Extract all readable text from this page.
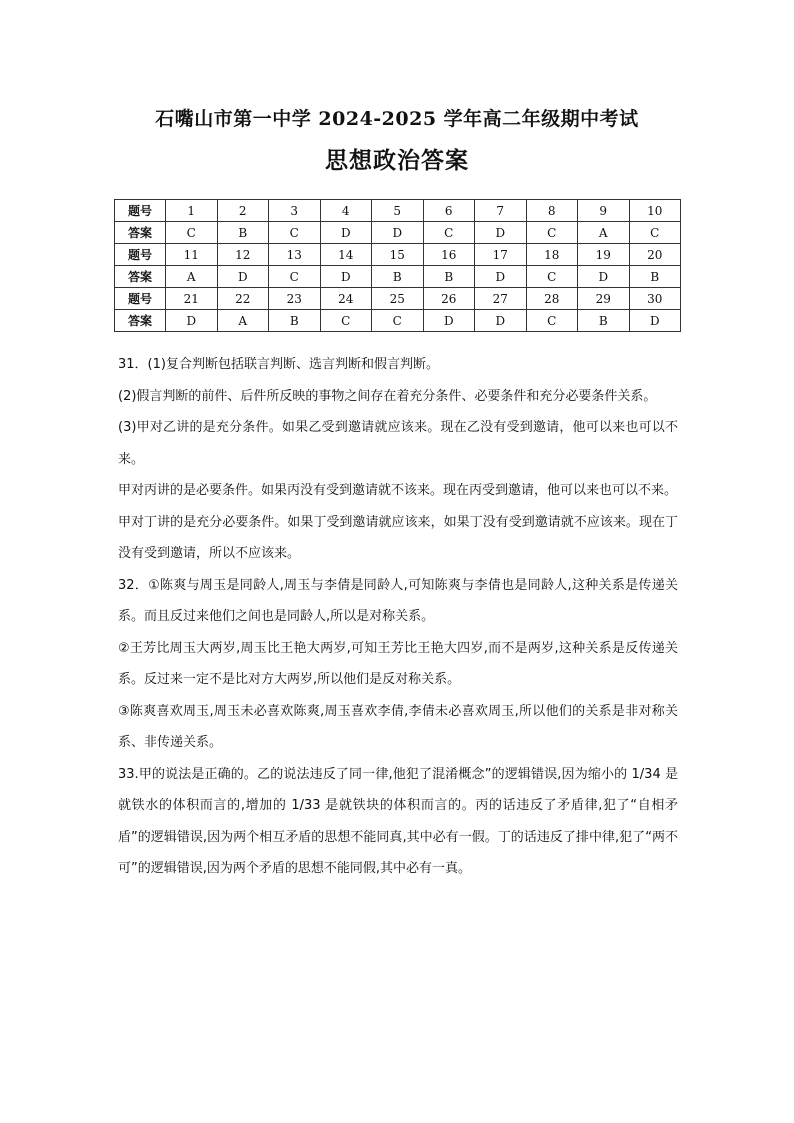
石嘴山市第一中学 2024-2025 学年高二年级期中考试
思想政治答案
题号	1	2	3	4	5	6	7	8	9	10
答案	C	B	C	D	D	C	D	C	A	C
题号	11	12	13	14	15	16	17	18	19	20
答案	A	D	C	D	B	B	D	C	D	B
题号	21	22	23	24	25	26	27	28	29	30
答案	D	A	B	C	C	D	D	C	B	D

31．(1)复合判断包括联言判断、选言判断和假言判断。

(2)假言判断的前件、后件所反映的事物之间存在着充分条件、必要条件和充分必要条件关系。

(3)甲对乙讲的是充分条件。如果乙受到邀请就应该来。现在乙没有受到邀请，他可以来也可以不来。

甲对丙讲的是必要条件。如果丙没有受到邀请就不该来。现在丙受到邀请，他可以来也可以不来。

甲对丁讲的是充分必要条件。如果丁受到邀请就应该来，如果丁没有受到邀请就不应该来。现在丁没有受到邀请，所以不应该来。

32．①陈爽与周玉是同龄人,周玉与李倩是同龄人,可知陈爽与李倩也是同龄人,这种关系是传递关系。而且反过来他们之间也是同龄人,所以是对称关系。

②王芳比周玉大两岁,周玉比王艳大两岁,可知王芳比王艳大四岁,而不是两岁,这种关系是反传递关系。反过来一定不是比对方大两岁,所以他们是反对称关系。

③陈爽喜欢周玉,周玉未必喜欢陈爽,周玉喜欢李倩,李倩未必喜欢周玉,所以他们的关系是非对称关系、非传递关系。

33.甲的说法是正确的。乙的说法违反了同一律,他犯了混淆概念”的逻辑错误,因为缩小的 1/34 是就铁水的体积而言的,增加的 1/33 是就铁块的体积而言的。丙的话违反了矛盾律,犯了“自相矛盾”的逻辑错误,因为两个相互矛盾的思想不能同真,其中必有一假。丁的话违反了排中律,犯了“两不可”的逻辑错误,因为两个矛盾的思想不能同假,其中必有一真。
